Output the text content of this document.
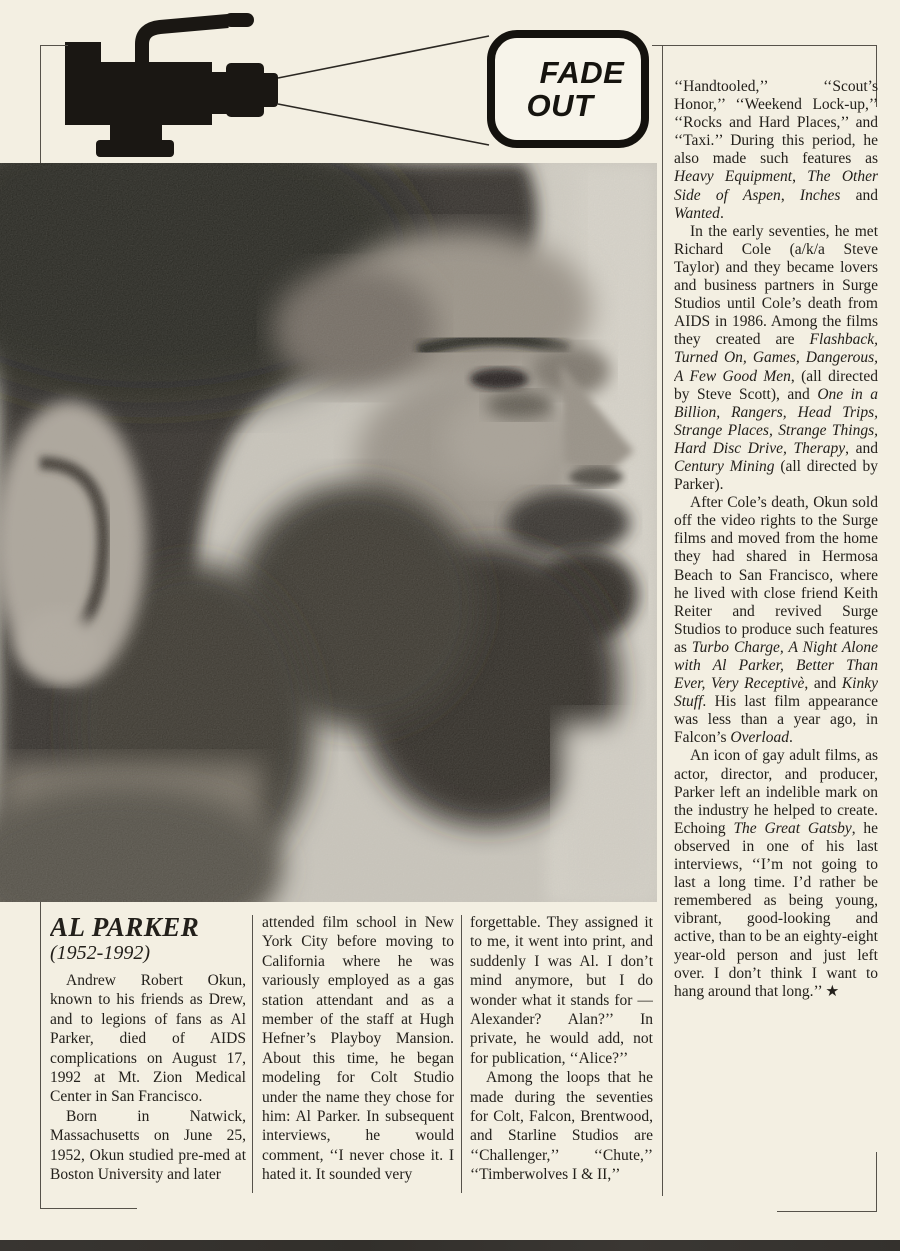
FADE
OUT

‘‘Handtooled,’’ ‘‘Scout’s Honor,’’ ‘‘Weekend Lock-up,’’ ‘‘Rocks and Hard Places,’’ and ‘‘Taxi.’’ During this period, he also made such features as Heavy Equipment, The Other Side of Aspen, Inches and Wanted.

In the early seventies, he met Richard Cole (a/k/a Steve Taylor) and they became lovers and business partners in Surge Studios until Cole’s death from AIDS in 1986. Among the films they created are Flashback, Turned On, Games, Dangerous, A Few Good Men, (all directed by Steve Scott), and One in a Billion, Rangers, Head Trips, Strange Places, Strange Things, Hard Disc Drive, Therapy, and Century Mining (all directed by Parker).

After Cole’s death, Okun sold off the video rights to the Surge films and moved from the home they had shared in Hermosa Beach to San Francisco, where he lived with close friend Keith Reiter and revived Surge Studios to produce such features as Turbo Charge, A Night Alone with Al Parker, Better Than Ever, Very Receptivè, and Kinky Stuff. His last film appearance was less than a year ago, in Falcon’s Overload.

An icon of gay adult films, as actor, director, and producer, Parker left an indelible mark on the industry he helped to create. Echoing The Great Gatsby, he observed in one of his last interviews, ‘‘I’m not going to last a long time. I’d rather be remembered as being young, vibrant, good-looking and active, than to be an eighty-eight year-old person and just left over. I don’t think I want to hang around that long.’’ ★

AL PARKER

(1952-1992)

Andrew Robert Okun, known to his friends as Drew, and to legions of fans as Al Parker, died of AIDS complications on August 17, 1992 at Mt. Zion Medical Center in San Francisco.

Born in Natwick, Massachusetts on June 25, 1952, Okun studied pre-med at Boston University and later

attended film school in New York City before moving to California where he was variously employed as a gas station attendant and as a member of the staff at Hugh Hefner’s Playboy Mansion. About this time, he began modeling for Colt Studio under the name they chose for him: Al Parker. In subsequent interviews, he would comment, ‘‘I never chose it. I hated it. It sounded very

forgettable. They assigned it to me, it went into print, and suddenly I was Al. I don’t mind anymore, but I do wonder what it stands for — Alexander? Alan?’’ In private, he would add, not for publication, ‘‘Alice?’’

Among the loops that he made during the seventies for Colt, Falcon, Brentwood, and Starline Studios are ‘‘Challenger,’’ ‘‘Chute,’’ ‘‘Timberwolves I & II,’’
